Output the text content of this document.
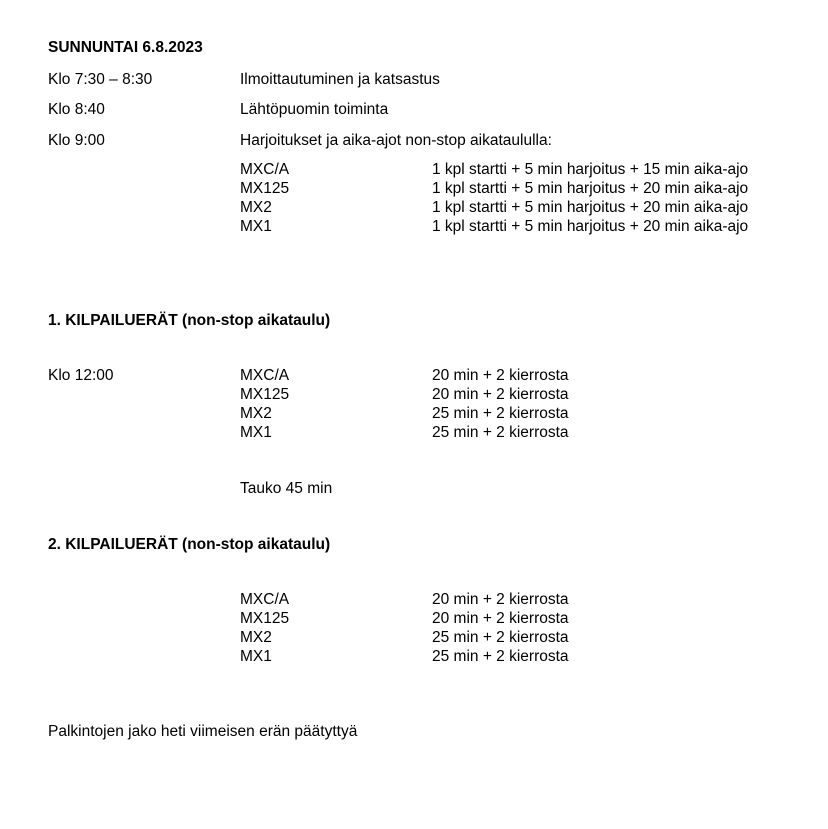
SUNNUNTAI 6.8.2023
Klo 7:30 – 8:30	Ilmoittautuminen ja katsastus
Klo 8:40	Lähtöpuomin toiminta
Klo 9:00	Harjoitukset ja aika-ajot non-stop aikataululla:
MXC/A	1 kpl startti + 5 min harjoitus + 15 min aika-ajo
MX125	1 kpl startti + 5 min harjoitus + 20 min aika-ajo
MX2	1 kpl startti + 5 min harjoitus + 20 min aika-ajo
MX1	1 kpl startti + 5 min harjoitus + 20 min aika-ajo
1. KILPAILUERÄT (non-stop aikataulu)
Klo 12:00	MXC/A	20 min + 2 kierrosta
MX125	20 min + 2 kierrosta
MX2	25 min + 2 kierrosta
MX1	25 min + 2 kierrosta
Tauko 45 min
2. KILPAILUERÄT (non-stop aikataulu)
MXC/A	20 min + 2 kierrosta
MX125	20 min + 2 kierrosta
MX2	25 min + 2 kierrosta
MX1	25 min + 2 kierrosta
Palkintojen jako heti viimeisen erän päätyttyä
